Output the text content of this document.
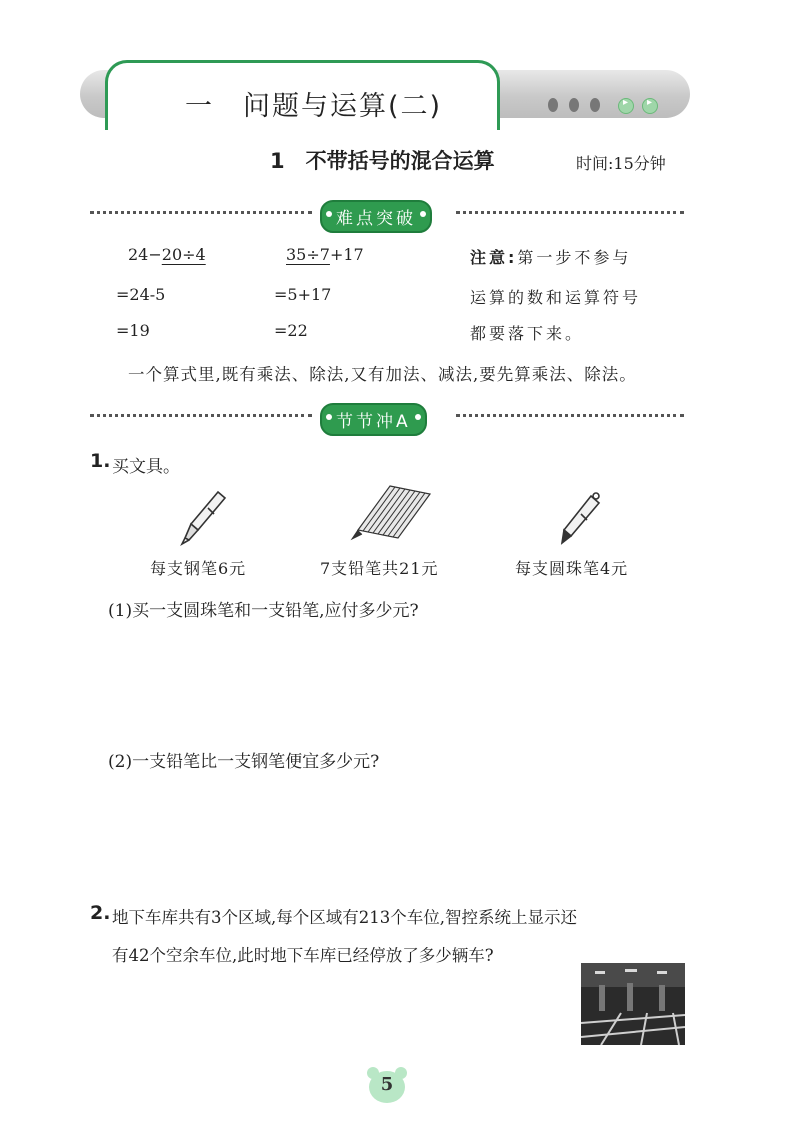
▸
▸
一　问题与运算(二)
1　不带括号的混合运算	时间:15分钟
难点突破
24−20÷4
=24-5
=19
35÷7+17
=5+17
=22
注意:第一步不参与
运算的数和运算符号
都要落下来。
一个算式里,既有乘法、除法,又有加法、减法,要先算乘法、除法。
节节冲A
1. 买文具。
每支钢笔6元	7支铅笔共21元	每支圆珠笔4元
(1)买一支圆珠笔和一支铅笔,应付多少元?
(2)一支铅笔比一支钢笔便宜多少元?
2. 地下车库共有3个区域,每个区域有213个车位,智控系统上显示还
有42个空余车位,此时地下车库已经停放了多少辆车?
5
